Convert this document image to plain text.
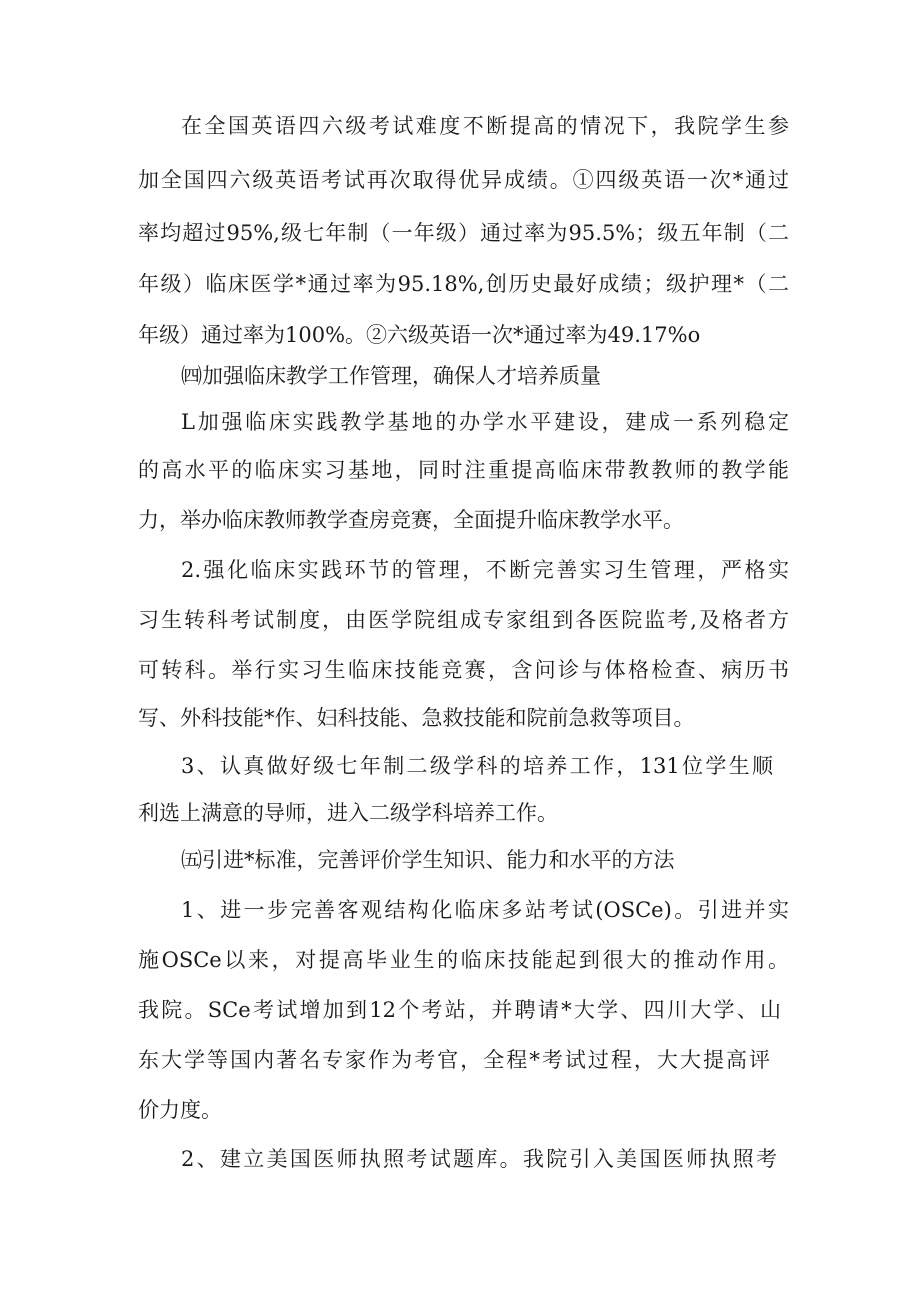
在全国英语四六级考试难度不断提高的情况下，我院学生参

加全国四六级英语考试再次取得优异成绩。①四级英语一次*通过

率均超过95%,级七年制（一年级）通过率为95.5%；级五年制（二

年级）临床医学*通过率为95.18%,创历史最好成绩；级护理*（二

年级）通过率为100%。②六级英语一次*通过率为49.17%o

㈣加强临床教学工作管理，确保人才培养质量

L加强临床实践教学基地的办学水平建设，建成一系列稳定

的高水平的临床实习基地，同时注重提高临床带教教师的教学能

力，举办临床教师教学查房竞赛，全面提升临床教学水平。

2.强化临床实践环节的管理，不断完善实习生管理，严格实

习生转科考试制度，由医学院组成专家组到各医院监考,及格者方

可转科。举行实习生临床技能竞赛，含问诊与体格检查、病历书

写、外科技能*作、妇科技能、急救技能和院前急救等项目。

3、认真做好级七年制二级学科的培养工作，131位学生顺

利选上满意的导师，进入二级学科培养工作。

㈤引进*标准，完善评价学生知识、能力和水平的方法

1、进一步完善客观结构化临床多站考试(OSCe)。引进并实

施OSCe以来，对提高毕业生的临床技能起到很大的推动作用。

我院。SCe考试增加到12个考站，并聘请*大学、四川大学、山

东大学等国内著名专家作为考官，全程*考试过程，大大提高评

价力度。

2、建立美国医师执照考试题库。我院引入美国医师执照考
